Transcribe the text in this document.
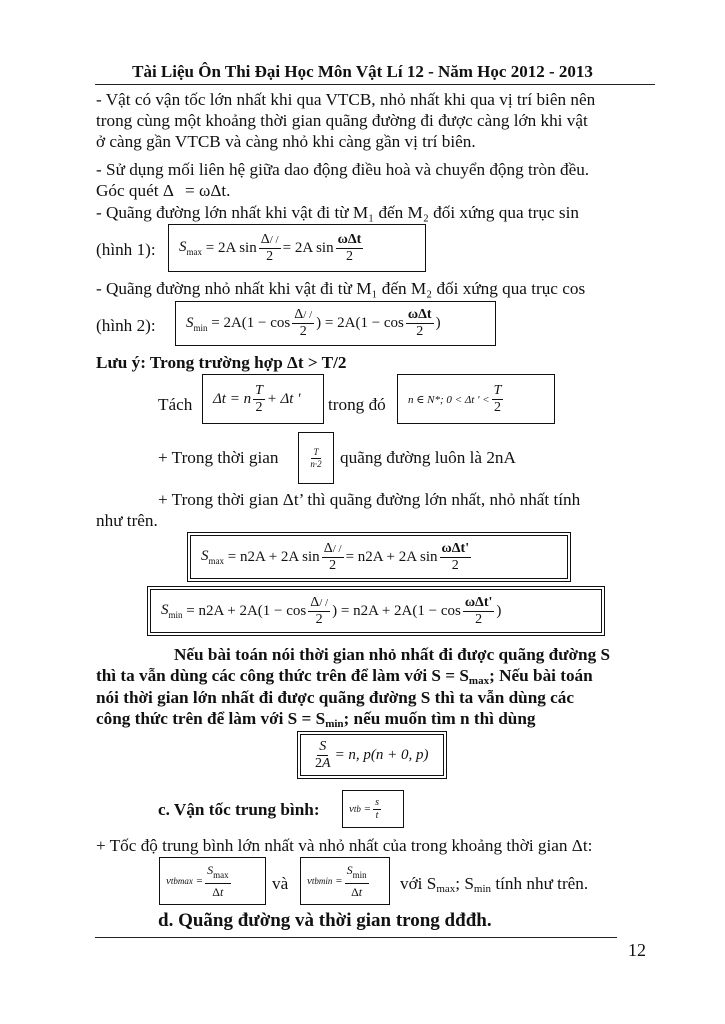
Tài Liệu Ôn Thi Đại Học Môn Vật Lí 12 - Năm Học 2012 - 2013
- Vật có vận tốc lớn nhất khi qua VTCB, nhỏ nhất khi qua vị trí biên nên
trong cùng một khoảng thời gian quãng đường đi được càng lớn khi vật
ở càng gần VTCB và càng nhỏ khi càng gần vị trí biên.
- Sử dụng mối liên hệ giữa dao động điều hoà và chuyển động tròn đều.
Góc quét Δ   = ωΔt.
- Quãng đường lớn nhất khi vật đi từ M₁ đến M₂ đối xứng qua trục sin
(hình 1): $S_{max}$
= 2A $\sin \frac{\Delta/ /}{2} = 2A$ $\sin \frac{\text{ωΔt}}{2}$
- Quãng đường nhỏ nhất khi vật đi từ M₁ đến M₂ đối xứng qua trục cos
(hình 2): $S_{min}$
= $2A(1 - \cos \frac{\Delta/ /}{2}$ ) = $2A(1 - \cos \frac{\text{ωΔt}}{2}$ )
Lưu ý: Trong trường hợp Δt > T/2
Tách Δt = n $\frac{T}{2} + \Delta t$ ' trong đó n ∈ N*; 0 < Δt ' < $\frac{T}{2}$
+ Trong thời gian	$\frac{T}{n\cdot 2}$ quãng đường luôn là 2nA
+ Trong thời gian Δt’ thì quãng đường lớn nhất, nhỏ nhất tính
như trên.
$S_{max}$
= n2A + 2A $\sin \frac{\Delta/ /}{2} = n2A + 2A$ $\sin \frac{\text{ωΔt'}}{2}$
$S_{min}$
= $n2A + 2A(1 - \cos \frac{\Delta/ /}{2}$ ) = $n2A + 2A(1 - \cos \frac{\text{ωΔt'}}{2}$ )
Nếu bài toán nói thời gian nhỏ nhất đi được quãng đường S
thì ta vẫn dùng các công thức trên để làm với $S = S_{max}$; Nếu bài toán
nói thời gian lớn nhất đi được quãng đường S thì ta vẫn dùng các
công thức trên để làm với $S = S_{min}$; nếu muốn tìm n thì dùng
$\frac{S}{2A} = n$, p(n + 0, p)
c. Vận tốc trung bình:	vtb = $\frac{s}{t}$
+ Tốc độ trung bình lớn nhất và nhỏ nhất của trong khoảng thời gian Δt:
$vtbmax = \frac{S_{max}}{\Delta t}$ và $vtbmin = \frac{S_{min}}{\Delta t}$ với $S_{max}$; $S_{min}$ tính như trên.
d. Quãng đường và thời gian trong dđđh.
12
